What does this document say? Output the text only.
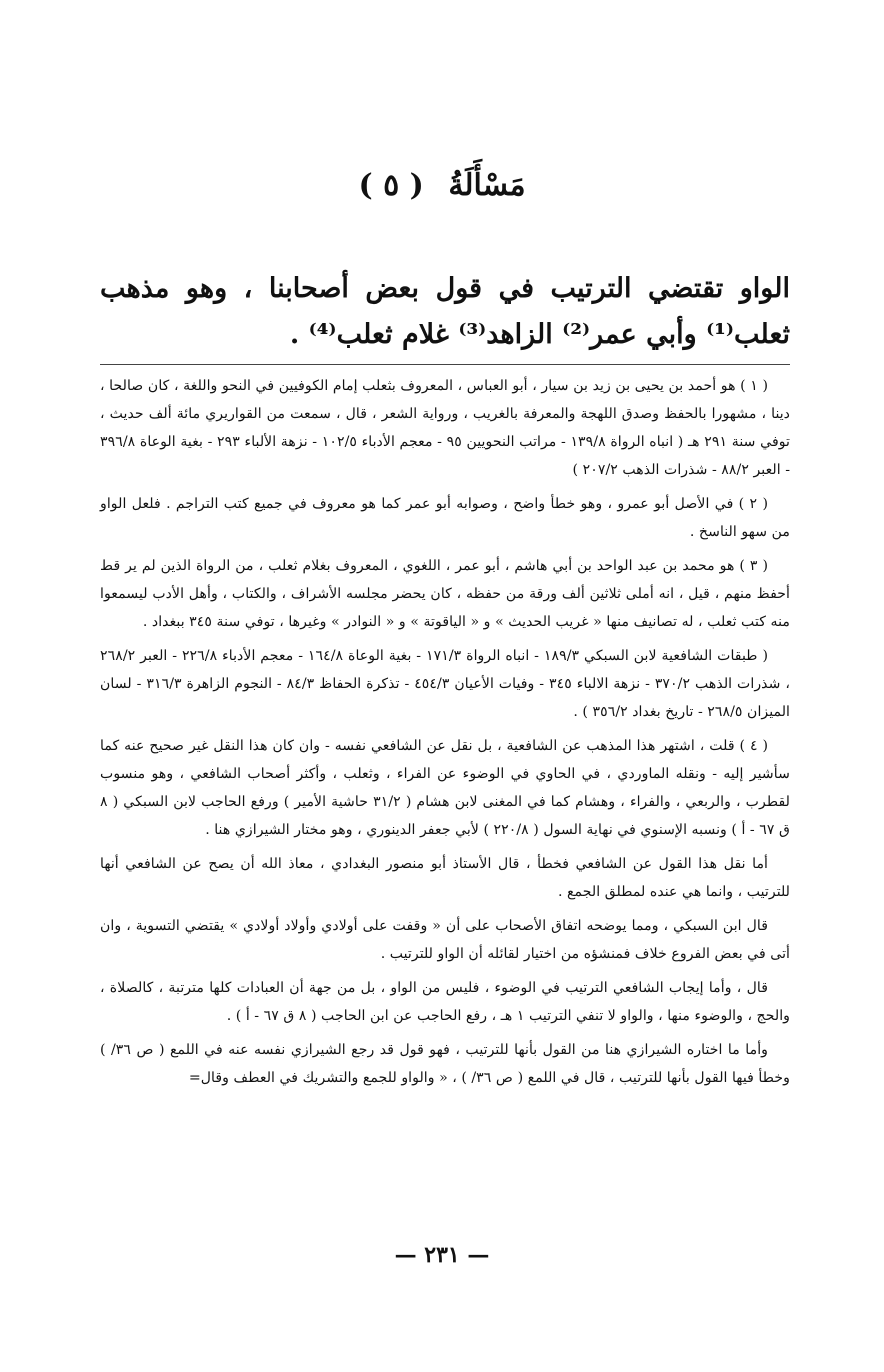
مَسْأَلَةُ ( ٥ )
الواو تقتضي الترتيب في قول بعض أصحابنا ، وهو مذهب ثعلب⁽¹⁾ وأبي عمر⁽²⁾ الزاهد⁽³⁾ غلام ثعلب⁽⁴⁾ .

( ١ ) هو أحمد بن يحيى بن زيد بن سيار ، أبو العباس ، المعروف بثعلب إمام الكوفيين في النحو واللغة ، كان صالحا ، دينا ، مشهورا بالحفظ وصدق اللهجة والمعرفة بالغريب ، ورواية الشعر ، قال ، سمعت من القواريري مائة ألف حديث ، توفي سنة ٢٩١ هـ ( انباه الرواة ١٣٩/٨ - مراتب النحويين ٩٥ - معجم الأدباء ١٠٢/٥ - نزهة الألباء ٢٩٣ - بغية الوعاة ٣٩٦/٨ - العبر ٨٨/٢ - شذرات الذهب ٢٠٧/٢ )

( ٢ ) في الأصل أبو عمرو ، وهو خطأ واضح ، وصوابه أبو عمر كما هو معروف في جميع كتب التراجم . فلعل الواو من سهو الناسخ .

( ٣ ) هو محمد بن عبد الواحد بن أبي هاشم ، أبو عمر ، اللغوي ، المعروف بغلام ثعلب ، من الرواة الذين لم ير قط أحفظ منهم ، قيل ، انه أملى ثلاثين ألف ورقة من حفظه ، كان يحضر مجلسه الأشراف ، والكتاب ، وأهل الأدب ليسمعوا منه كتب ثعلب ، له تصانيف منها « غريب الحديث » و « الياقوتة » و « النوادر » وغيرها ، توفي سنة ٣٤٥ ببغداد .

( طبقات الشافعية لابن السبكي ١٨٩/٣ - انباه الرواة ١٧١/٣ - بغية الوعاة ١٦٤/٨ - معجم الأدباء ٢٢٦/٨ - العبر ٢٦٨/٢ ، شذرات الذهب ٣٧٠/٢ - نزهة الالباء ٣٤٥ - وفيات الأعيان ٤٥٤/٣ - تذكرة الحفاظ ٨٤/٣ - النجوم الزاهرة ٣١٦/٣ - لسان الميزان ٢٦٨/٥ - تاريخ بغداد ٣٥٦/٢ ) .

( ٤ ) قلت ، اشتهر هذا المذهب عن الشافعية ، بل نقل عن الشافعي نفسه - وان كان هذا النقل غير صحيح عنه كما سأشير إليه - ونقله الماوردي ، في الحاوي في الوضوء عن الفراء ، وثعلب ، وأكثر أصحاب الشافعي ، وهو منسوب لقطرب ، والربعي ، والفراء ، وهشام كما في المغنى لابن هشام ( ٣١/٢ حاشية الأمير ) ورفع الحاجب لابن السبكي ( ٨ ق ٦٧ - أ ) ونسبه الإسنوي في نهاية السول ( ٢٢٠/٨ ) لأبي جعفر الدينوري ، وهو مختار الشيرازي هنا .

أما نقل هذا القول عن الشافعي فخطأ ، قال الأستاذ أبو منصور البغدادي ، معاذ الله أن يصح عن الشافعي أنها للترتيب ، وانما هي عنده لمطلق الجمع .

قال ابن السبكي ، ومما يوضحه اتفاق الأصحاب على أن « وقفت على أولادي وأولاد أولادي » يقتضي التسوية ، وان أتى في بعض الفروع خلاف فمنشؤه من اختيار لقائله أن الواو للترتيب .

قال ، وأما إيجاب الشافعي الترتيب في الوضوء ، فليس من الواو ، بل من جهة أن العبادات كلها مترتبة ، كالصلاة ، والحج ، والوضوء منها ، والواو لا تنفي الترتيب ١ هـ ، رفع الحاجب عن ابن الحاجب ( ٨ ق ٦٧ - أ ) .

وأما ما اختاره الشيرازي هنا من القول بأنها للترتيب ، فهو قول قد رجع الشيرازي نفسه عنه في اللمع ( ص ٣٦/ ) وخطأ فيها القول بأنها للترتيب ، قال في اللمع ( ص ٣٦/ ) ، « والواو للجمع والتشريك في العطف وقال=

— ٢٣١ —
